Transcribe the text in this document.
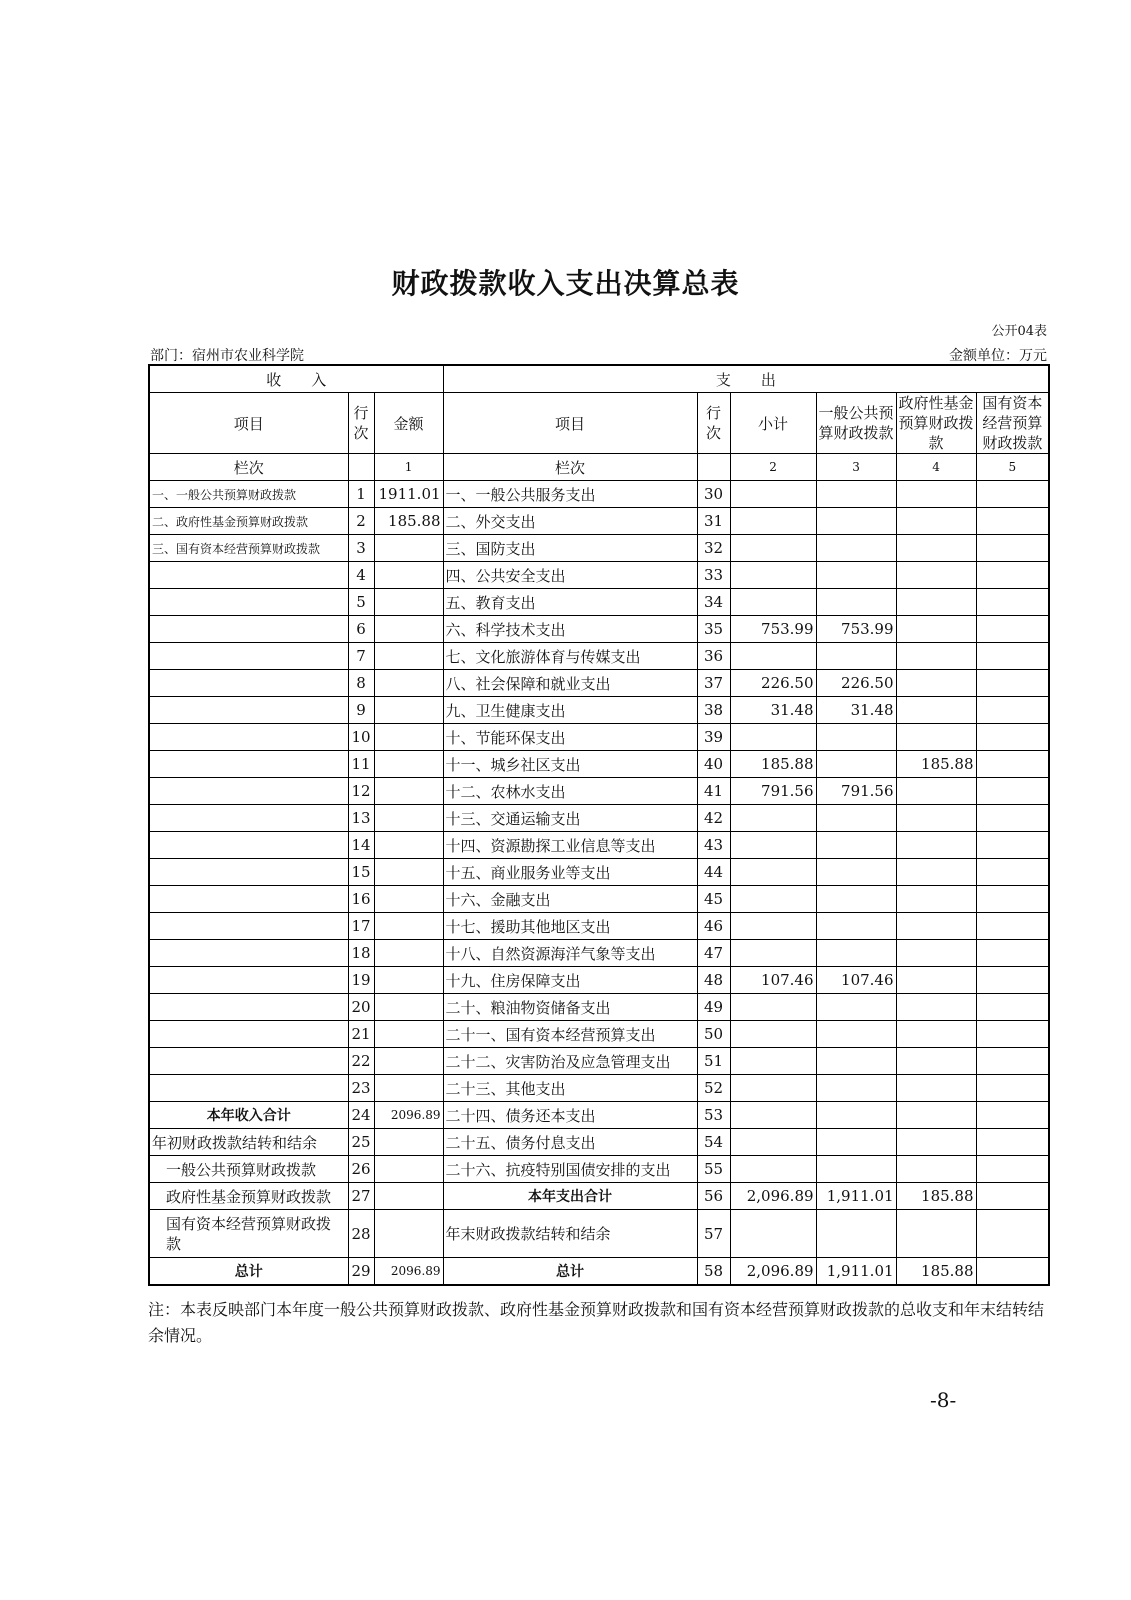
财政拨款收入支出决算总表
公开04表
部门：宿州市农业科学院	金额单位：万元
收　　入			支　　出					
项目	行次	金额	项目	行次	小计	一般公共预算财政拨款	政府性基金预算财政拨款	国有资本经营预算财政拨款
栏次		1	栏次		2	3	4	5
一、一般公共预算财政拨款	1	1911.01	一、一般公共服务支出	30				
二、政府性基金预算财政拨款	2	185.88	二、外交支出	31				
三、国有资本经营预算财政拨款	3		三、国防支出	32				
	4		四、公共安全支出	33				
	5		五、教育支出	34				
	6		六、科学技术支出	35	753.99	753.99		
	7		七、文化旅游体育与传媒支出	36				
	8		八、社会保障和就业支出	37	226.50	226.50		
	9		九、卫生健康支出	38	31.48	31.48		
	10		十、节能环保支出	39				
	11		十一、城乡社区支出	40	185.88		185.88	
	12		十二、农林水支出	41	791.56	791.56		
	13		十三、交通运输支出	42				
	14		十四、资源勘探工业信息等支出	43				
	15		十五、商业服务业等支出	44				
	16		十六、金融支出	45				
	17		十七、援助其他地区支出	46				
	18		十八、自然资源海洋气象等支出	47				
	19		十九、住房保障支出	48	107.46	107.46		
	20		二十、粮油物资储备支出	49				
	21		二十一、国有资本经营预算支出	50				
	22		二十二、灾害防治及应急管理支出	51				
	23		二十三、其他支出	52				
本年收入合计	24	2096.89	二十四、债务还本支出	53				
年初财政拨款结转和结余	25		二十五、债务付息支出	54				
一般公共预算财政拨款	26		二十六、抗疫特别国债安排的支出	55				
政府性基金预算财政拨款	27		本年支出合计	56	2,096.89	1,911.01	185.88	
国有资本经营预算财政拨款	28		年末财政拨款结转和结余	57				
总计	29	2096.89	总计	58	2,096.89	1,911.01	185.88	
注：本表反映部门本年度一般公共预算财政拨款、政府性基金预算财政拨款和国有资本经营预算财政拨款的总收支和年末结转结余情况。
-8-
